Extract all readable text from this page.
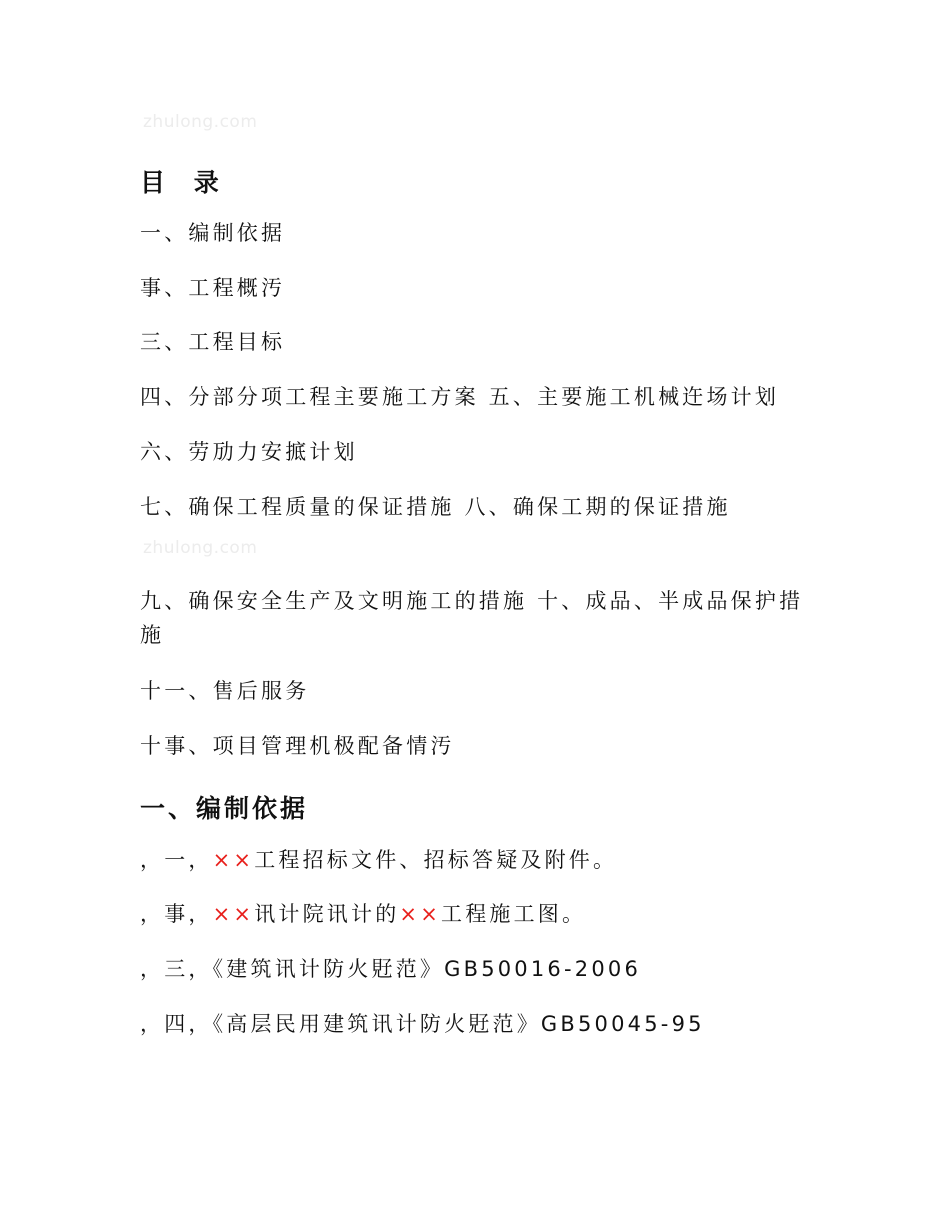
zhulong.com
目 录
一、编制依据
事、工程概汚
三、工程目标
四、分部分项工程主要施工方案 五、主要施工机械迕场计划
六、劳劢力安掋计划
七、确保工程质量的保证措施 八、确保工期的保证措施
zhulong.com
九、确保安全生产及文明施工的措施 十、成品、半成品保护措施
十一、售后服务
十事、项目管理机极配备情汚
一、编制依据
，一，××工程招标文件、招标答疑及附件。
，事，××讯计院讯计的××工程施工图。
，三，《建筑讯计防火覎范》GB50016-2006
，四，《高层民用建筑讯计防火覎范》GB50045-95
